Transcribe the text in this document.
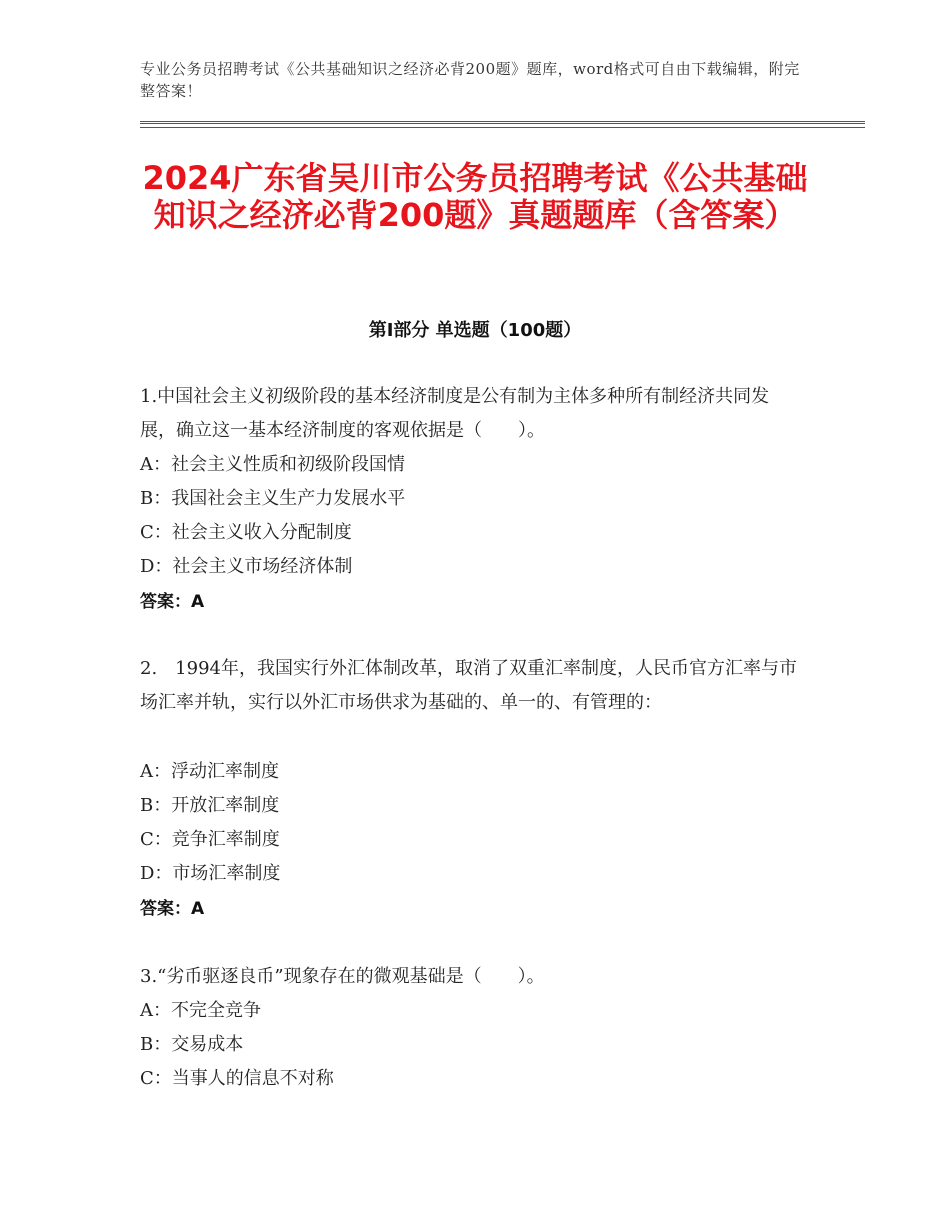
专业公务员招聘考试《公共基础知识之经济必背200题》题库，word格式可自由下载编辑，附完整答案！
2024广东省吴川市公务员招聘考试《公共基础知识之经济必背200题》真题题库（含答案）
第I部分 单选题（100题）
1.中国社会主义初级阶段的基本经济制度是公有制为主体多种所有制经济共同发展，确立这一基本经济制度的客观依据是（　　）。
A：社会主义性质和初级阶段国情
B：我国社会主义生产力发展水平
C：社会主义收入分配制度
D：社会主义市场经济体制
答案：A
2.　1994年，我国实行外汇体制改革，取消了双重汇率制度，人民币官方汇率与市场汇率并轨，实行以外汇市场供求为基础的、单一的、有管理的：
A：浮动汇率制度
B：开放汇率制度
C：竞争汇率制度
D：市场汇率制度
答案：A
3.“劣币驱逐良币”现象存在的微观基础是（　　）。
A：不完全竞争
B：交易成本
C：当事人的信息不对称
